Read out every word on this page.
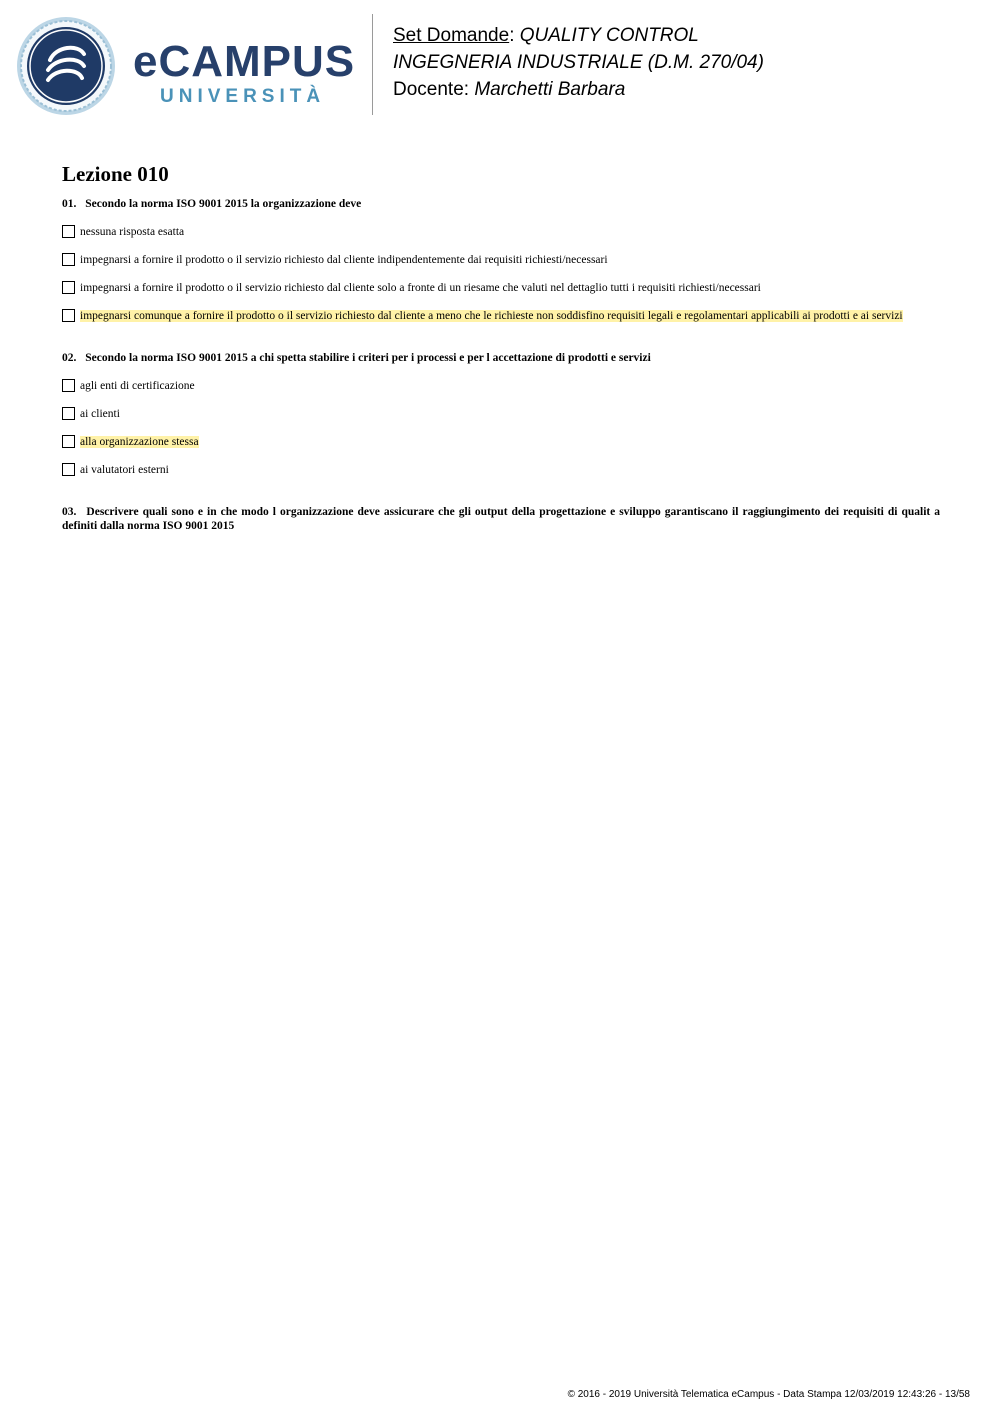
eCAMPUS
UNIVERSITÀ
Set Domande: QUALITY CONTROL
INGEGNERIA INDUSTRIALE (D.M. 270/04)
Docente: Marchetti Barbara
Lezione 010
01. Secondo la norma ISO 9001 2015 la organizzazione deve
nessuna risposta esatta
impegnarsi a fornire il prodotto o il servizio richiesto dal cliente indipendentemente dai requisiti richiesti/necessari
impegnarsi a fornire il prodotto o il servizio richiesto dal cliente solo a fronte di un riesame che valuti nel dettaglio tutti i requisiti richiesti/necessari
impegnarsi comunque a fornire il prodotto o il servizio richiesto dal cliente a meno che le richieste non soddisfino requisiti legali e regolamentari applicabili ai prodotti e ai servizi
02. Secondo la norma ISO 9001 2015 a chi spetta stabilire i criteri per i processi e per l accettazione di prodotti e servizi
agli enti di certificazione
ai clienti
alla organizzazione stessa
ai valutatori esterni
03. Descrivere quali sono e in che modo l organizzazione deve assicurare che gli output della progettazione e sviluppo garantiscano il raggiungimento dei requisiti di qualit a definiti dalla norma ISO 9001 2015
© 2016 - 2019 Università Telematica eCampus - Data Stampa 12/03/2019 12:43:26 - 13/58
